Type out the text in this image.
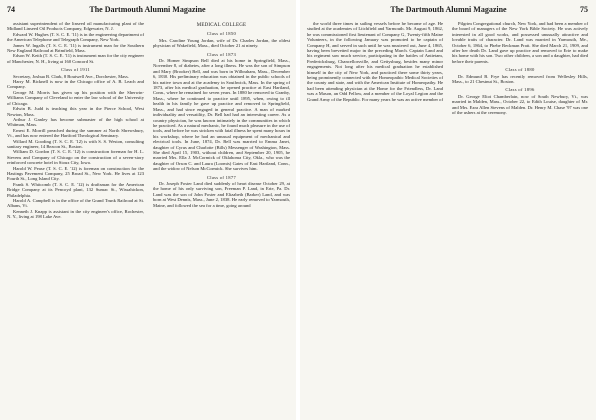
74	The Dartmouth Alumni Magazine

assistant superintendent of the linseed oil manufacturing plant of the Midland Linseed Oil Products Company, Edgewater, N. J.

Edward W. Hughes (T. S. C. E. '11) is in the engineering department of the American Telephone and Telegraph Company, New York.

James W. Ingalls (T. S. C. E. '11) is instrument man for the Southern New England Railroad at Brimfield, Mass.

Edson W. Keith (T. S. C. E. '11) is instrument man for the city engineer of Manchester, N. H., living at 160 Concord St.

Class of 1911

Secretary, Joshua B. Clark, 8 Boutwell Ave., Dorchester, Mass.

Harry M. Bicknell is now in the Chicago office of A. B. Leach and Company.

George M. Morris has given up his position with the Sherwin-Williams Company of Cleveland to enter the law school of the University of Chicago.

Edwin B. Judd is teaching this year in the Pierce School, West Newton, Mass.

Arthur J. Ganley has become submaster of the high school at Whitman, Mass.

Ernest E. Morrill preached during the summer at North Shrewsbury, Vt., and has now entered the Hartford Theological Seminary.

Willard M. Gooding (T. S. C. E. '12) is with S. S. Weston, consulting sanitary engineer, 14 Beacon St., Boston.

William D. Gordon (T. S. C. E. '12) is construction foreman for H. L. Stevens and Company of Chicago on the construction of a seven-story reinforced concrete hotel in Sioux City, Iowa.

Harold W. Pease (T. S. C. E. '12) is foreman on construction for the Hastings Pavement Company, 25 Broad St., New York. He lives at 123 Fourth St., Long Island City.

Frank S. Whitcomb (T. S. C. E. '12) is draftsman for the American Bridge Company at its Pencoyd plant, 132 Sumac St., Wissahickon, Philadelphia.

Harold A. Campbell is in the office of the Grand Trunk Railroad at St. Albans, Vt.

Kenneth J. Knapp is assistant in the city engineer's office, Rochester, N. Y., living at 198 Lake Ave.

MEDICAL COLLEGE
Class of 1850

Mrs. Caroline Young Jordan, wife of Dr. Charles Jordan, the oldest physician of Wakefield, Mass., died October 21 at ninety.

Class of 1873

Dr. Homer Simpson Bell died at his home in Springfield, Mass., November 8, of diabetes, after a long illness. He was the son of Simpson and Mary (Brooker) Bell, and was born in Wilbraham, Mass., December 6, 1830. His preliminary education was obtained in the public schools of his native town and at the academy in Southwick, Mass. In the spring of 1873, after his medical graduation, he opened practice at East Hartland, Conn., where he remained for seven years. In 1880 he removed to Granby, Mass., where he continued to practice until 1895, when, owing to ill health in his family he gave up practice and removed to Springfield, Mass., and had since engaged in general practice. A man of marked individuality and versatility, Dr. Bell had had an interesting career. As a country physician, he was known intimately in the communities in which he practiced. As a natural mechanic, he found much pleasure in the use of tools, and before he was stricken with fatal illness he spent many hours in his workshop, where he had an unusual equipment of mechanical and electrical tools. In June, 1874, Dr. Bell was married to Emma Janet, daughter of Cyrus and Charlotte (Bills) Messenger of Washington, Mass. She died April 15, 1903, without children, and September 20, 1905, he married Mrs. Ella J. McCormick of Oklahoma City, Okla., who was the daughter of Orson C. and Laura (Loomis) Gates of East Hartland, Conn., and the widow of Nelson McCormick. She survives him.

Class of 1877

Dr. Joseph Foster Land died suddenly of heart disease October 29, at the home of his only surviving son, Freeman P. Land, in Erie, Pa. Dr. Land was the son of John Foster and Elizabeth (Barker) Land, and was born at West Dennis, Mass., June 2, 1838. He early removed to Yarmouth, Maine, and followed the sea for a time, going around

The Dartmouth Alumni Magazine	75

the world three times in sailing vessels before he became of age. He studied at the academies of Litchfield and Yarmouth. Mr. August 9, 1862, he was commissioned first lieutenant of Company G, Twenty-fifth Maine Volunteers, in the following January was promoted to be captain of Company H, and served in such until he was mustered out, June 4, 1865, having been brevetted major in the preceding March. Captain Land and his regiment saw much service, participating in the battles of Antietam, Fredericksburg, Chancellorsville, and Gettysburg, besides many minor engagements. Not long after his medical graduation he established himself in the city of New York, and practiced there some thirty years, being prominently connected with the Homeopathic Medical Societies of the county and state, and with the American Institute of Homeopathy. He had been attending physician at the Home for the Friendless, Dr. Land was a Mason, an Odd Fellow, and a member of the Loyal Legion and the Grand Army of the Republic. For many years he was an active member of

Pilgrim Congregational church, New York, and had been a member of the board of managers of the New York Bible Society. He was actively interested in all good works, and possessed unusually attractive and lovable traits of character. Dr. Land was married in Yarmouth, Me., October 6, 1864, to Phebe Beckman Pratt. She died March 21, 1909, and after her death Dr. Land gave up practice and removed to Erie to make his home with his son. Two other children, a son and a daughter, had died before their parents.

Class of 1880

Dr. Edmund B. Frye has recently removed from Wellesley Hills, Mass., to 21 Chestnut St., Boston.

Class of 1896

Dr. George Eliot Chamberlain, now of South Newbury, Vt., was married in Malden, Mass., October 22, to Edith Louise, daughter of Mr. and Mrs. Ezra Allen Stevens of Malden. Dr. Henry M. Chase '97 was one of the ushers at the ceremony.
